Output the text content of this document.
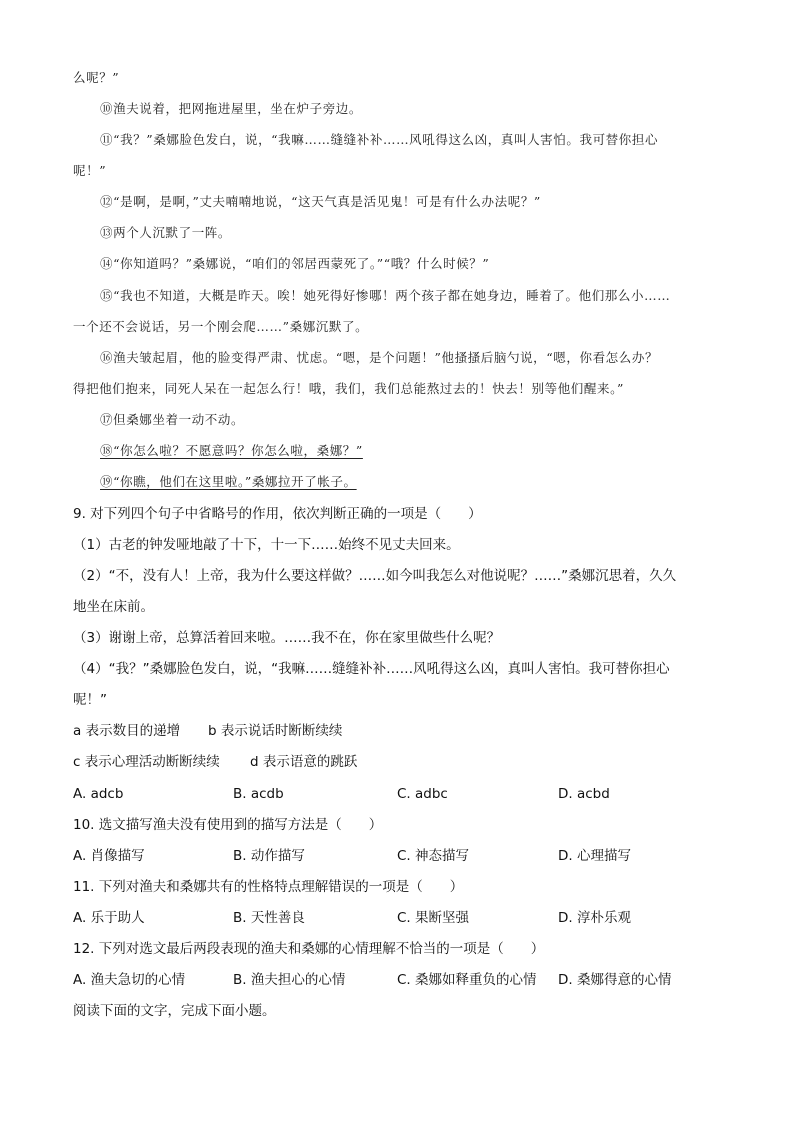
么呢？”
⑩渔夫说着，把网拖进屋里，坐在炉子旁边。
⑪“我？”桑娜脸色发白，说，“我嘛……缝缝补补……风吼得这么凶，真叫人害怕。我可替你担心
呢！”
⑫“是啊，是啊，”丈夫喃喃地说，“这天气真是活见鬼！可是有什么办法呢？”
⑬两个人沉默了一阵。
⑭“你知道吗？”桑娜说，“咱们的邻居西蒙死了。”“哦？什么时候？”
⑮“我也不知道，大概是昨天。唉！她死得好惨哪！两个孩子都在她身边，睡着了。他们那么小……
一个还不会说话，另一个刚会爬……”桑娜沉默了。
⑯渔夫皱起眉，他的脸变得严肃、忧虑。“嗯，是个问题！”他搔搔后脑勺说，“嗯，你看怎么办？
得把他们抱来，同死人呆在一起怎么行！哦，我们，我们总能熬过去的！快去！别等他们醒来。”
⑰但桑娜坐着一动不动。
⑱“你怎么啦？不愿意吗？你怎么啦，桑娜？”
⑲“你瞧，他们在这里啦。”桑娜拉开了帐子。
9. 对下列四个句子中省略号的作用，依次判断正确的一项是（　　）
（1）古老的钟发哑地敲了十下，十一下……始终不见丈夫回来。
（2）“不，没有人！上帝，我为什么要这样做？……如今叫我怎么对他说呢？……”桑娜沉思着，久久
地坐在床前。
（3）谢谢上帝，总算活着回来啦。……我不在，你在家里做些什么呢？
（4）“我？”桑娜脸色发白，说，“我嘛……缝缝补补……风吼得这么凶，真叫人害怕。我可替你担心
呢！”
a 表示数目的递增 b 表示说话时断断续续
c 表示心理活动断断续续 d 表示语意的跳跃
A. adcb	B. acdb	C. adbc	D. acbd
10. 选文描写渔夫没有使用到的描写方法是（　　）
A. 肖像描写	B. 动作描写	C. 神态描写	D. 心理描写
11. 下列对渔夫和桑娜共有的性格特点理解错误的一项是（　　）
A. 乐于助人	B. 天性善良	C. 果断坚强	D. 淳朴乐观
12. 下列对选文最后两段表现的渔夫和桑娜的心情理解不恰当的一项是（　　）
A. 渔夫急切的心情	B. 渔夫担心的心情	C. 桑娜如释重负的心情 D. 桑娜得意的心情
阅读下面的文字，完成下面小题。
